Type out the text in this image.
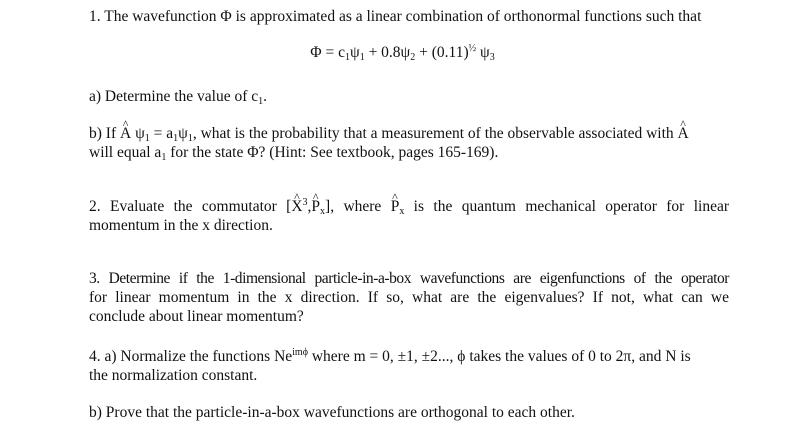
1. The wavefunction Φ is approximated as a linear combination of orthonormal functions such that

$\Phi = c_1\psi_1 + 0.8\psi_2 + (0.11)^{\frac{1}{2}}$ $\psi_3$

a) Determine the value of $c_1$.

b) If ^ A $\psi_1 = a_1\psi_1$, what is the probability that a measurement of the observable associated with ^ A

will equal $a_1$ for the state Φ? (Hint: See textbook, pages 165-169).

2. Evaluate the commutator [^ $X^3,\^{}$ $P_x$], where ^ $P_x$ is the quantum mechanical operator for linear

momentum in the x direction.

3. Determine if the 1-dimensional particle-in-a-box wavefunctions are eigenfunctions of the operator

for linear momentum in the x direction. If so, what are the eigenvalues? If not, what can we

conclude about linear momentum?

4. a) Normalize the functions $Ne^{im\phi}$ where m = 0, ±1, ±2..., ϕ takes the values of 0 to 2π, and N is

the normalization constant.

b) Prove that the particle-in-a-box wavefunctions are orthogonal to each other.
